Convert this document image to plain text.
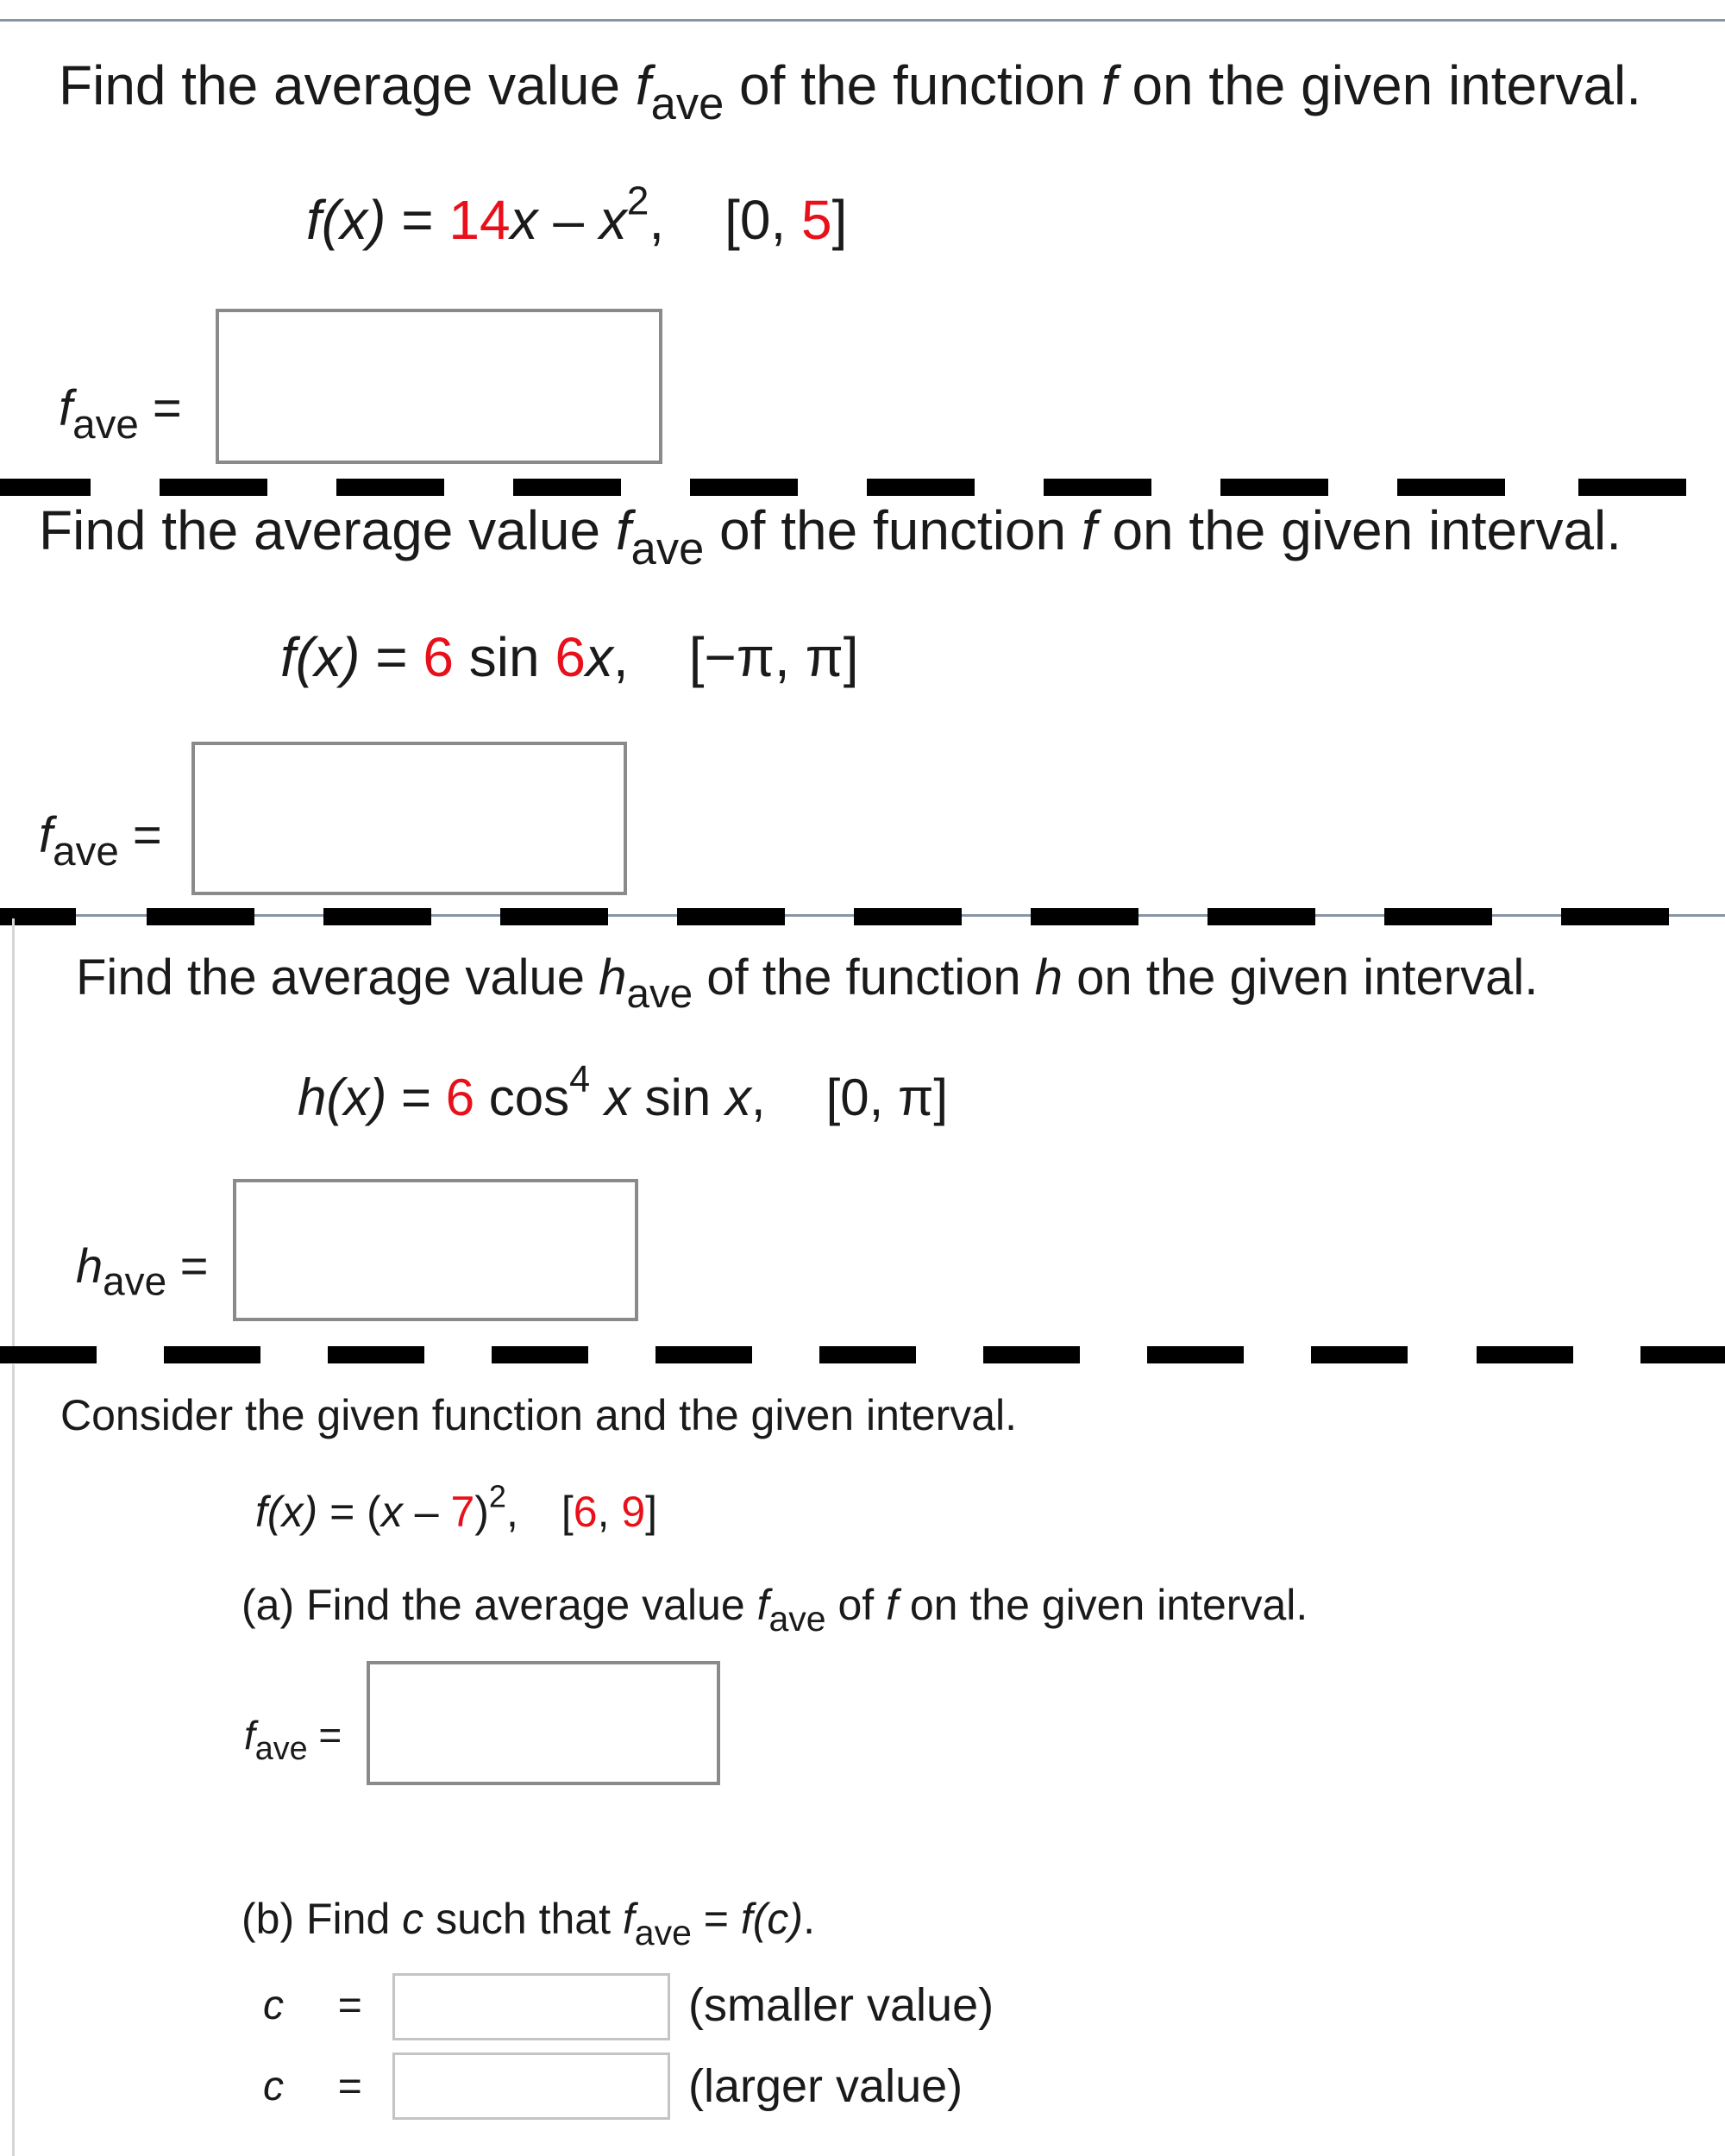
Find the average value $f_{ave}$ of the function f on the given interval.
$f(x) = 14x - x^2$, [0, 5]
$f_{ave}$ =
Find the average value $f_{ave}$ of the function f on the given interval.
f(x) = 6 sin 6x, [−π, π]
$f_{ave}$ =
Find the average value $h_{ave}$ of the function h on the given interval.
h(x) = 6 $\cos^4 x$ sin x, [0, π]
$h_{ave}$ =
Consider the given function and the given interval.
f(x) = (x – 7)$^2$, [6, 9]
(a) Find the average value $f_{ave}$ of f on the given interval.
$f_{ave}$ =
(b) Find c such that $f_{ave} = f(c)$.
c =	(smaller value)
c =	(larger value)
